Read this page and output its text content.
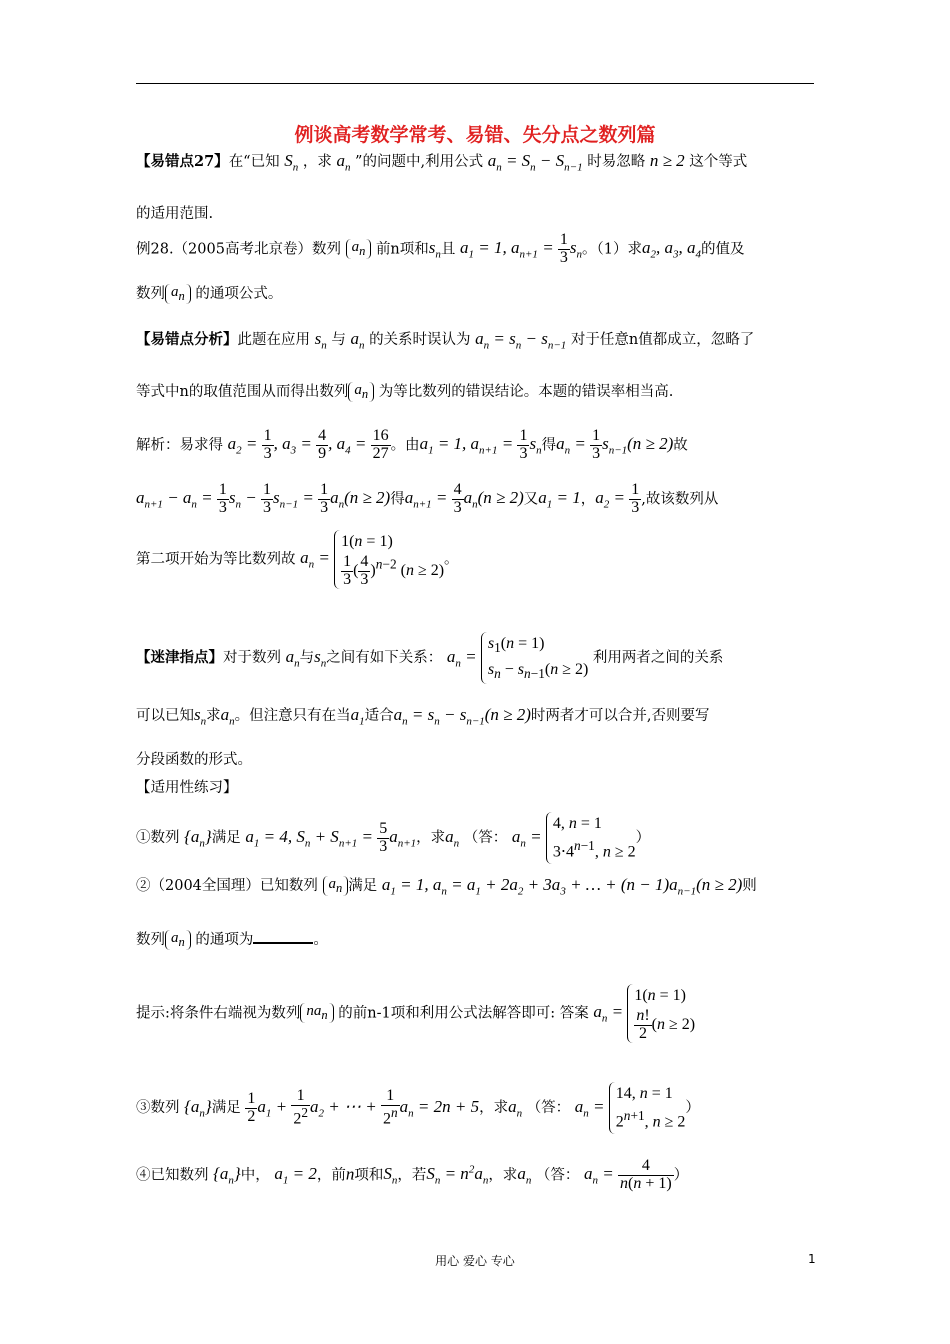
例谈高考数学常考、易错、失分点之数列篇
【易错点27】在“已知 $S_n$ ，求 $a_n$ ”的问题中,利用公式 $a_n = S_n - S_{n-1}$ 时易忽略 n ≥ 2 这个等式
的适用范围.
例28.（2005高考北京卷）数列 $a_n$ 前n项和$s_n$且 $a_1 = 1$, $a_{n+1} = \frac{1}{3} s_n$。（1）求$a_2$, $a_3$, $a_4$的值及
数列 $a_n$ 的通项公式。
【易错点分析】此题在应用 $s_n$ 与 $a_n$ 的关系时误认为 $a_n = s_n - s_{n-1}$ 对于任意n值都成立，忽略了
等式中n的取值范围从而得出数列 $a_n$ 为等比数列的错误结论。本题的错误率相当高.
解析：易求得 $a_2 = \frac{1}{3}$ , $a_3 = \frac{4}{9}$ , $a_4 = \frac{16}{27}$ 。由$a_1 = 1$, $a_{n+1} = \frac{1}{3} s_n$得$a_n = \frac{1}{3} s_{n-1}(n \ge 2)$故
$a_{n+1} - a_n = \frac{1}{3} s_n - \frac{1}{3} s_{n-1} = \frac{1}{3} a_n(n \ge 2)$得$a_{n+1} = \frac{4}{3} a_n(n \ge 2)$又$a_1 = 1$，$a_2 = \frac{1}{3}$ ,故该数列从
第二项开始为等比数列故 $a_n$ =
1(n = 1)
$\frac{1}{3}$ ( $\frac{4}{3} )^{n-2}$ (n ≥ 2)
。
【迷津指点】对于数列 $a_n$与$s_n$之间有如下关系： $a_n$ =
$s_1(n = 1)$
$s_n - s_{n-1}(n \ge 2)$
利用两者之间的关系
可以已知$s_n$求$a_n$。但注意只有在当$a_1$适合$a_n = s_n - s_{n-1}(n \ge 2)$时两者才可以合并,否则要写
分段函数的形式。
【适用性练习】
①数列 $\{a_n\}$满足 $a_1 = 4$, $S_n + S_{n+1} = \frac{5}{3} a_{n+1}$，求$a_n$ （答： $a_n$ =
4, n = 1
$3\cdot 4^{n-1}$, n ≥ 2
）
②（2004全国理）已知数列 $a_n$ 满足 $a_1 = 1$, $a_n = a_1 + 2a_2 + 3a_3$ + … + $(n - 1)a_{n-1}(n \ge 2)$则
数列 $a_n$ 的通项为	。
提示:将条件右端视为数列 $na_n$ 的前n-1项和利用公式法解答即可: 答案 $a_n$ =
1(n = 1)
$\frac{n!}{2} (n \ge 2)$
③数列 $\{a_n\}$满足 $\frac{1}{2} a_1 + \frac{1}{2^2} a_2$ + ⋯ + $\frac{1}{2^n} a_n = 2n + 5$，求$a_n$ （答： $a_n$ =
14, n = 1
$2^{n+1}$, n ≥ 2
）
④已知数列 $\{a_n\}$中， $a_1 = 2$，前n项和$S_n$，若$S_n = n^2a_n$，求$a_n$ （答： $a_n = \frac{4}{n(n + 1)}$ ）
用心 爱心 专心	1
